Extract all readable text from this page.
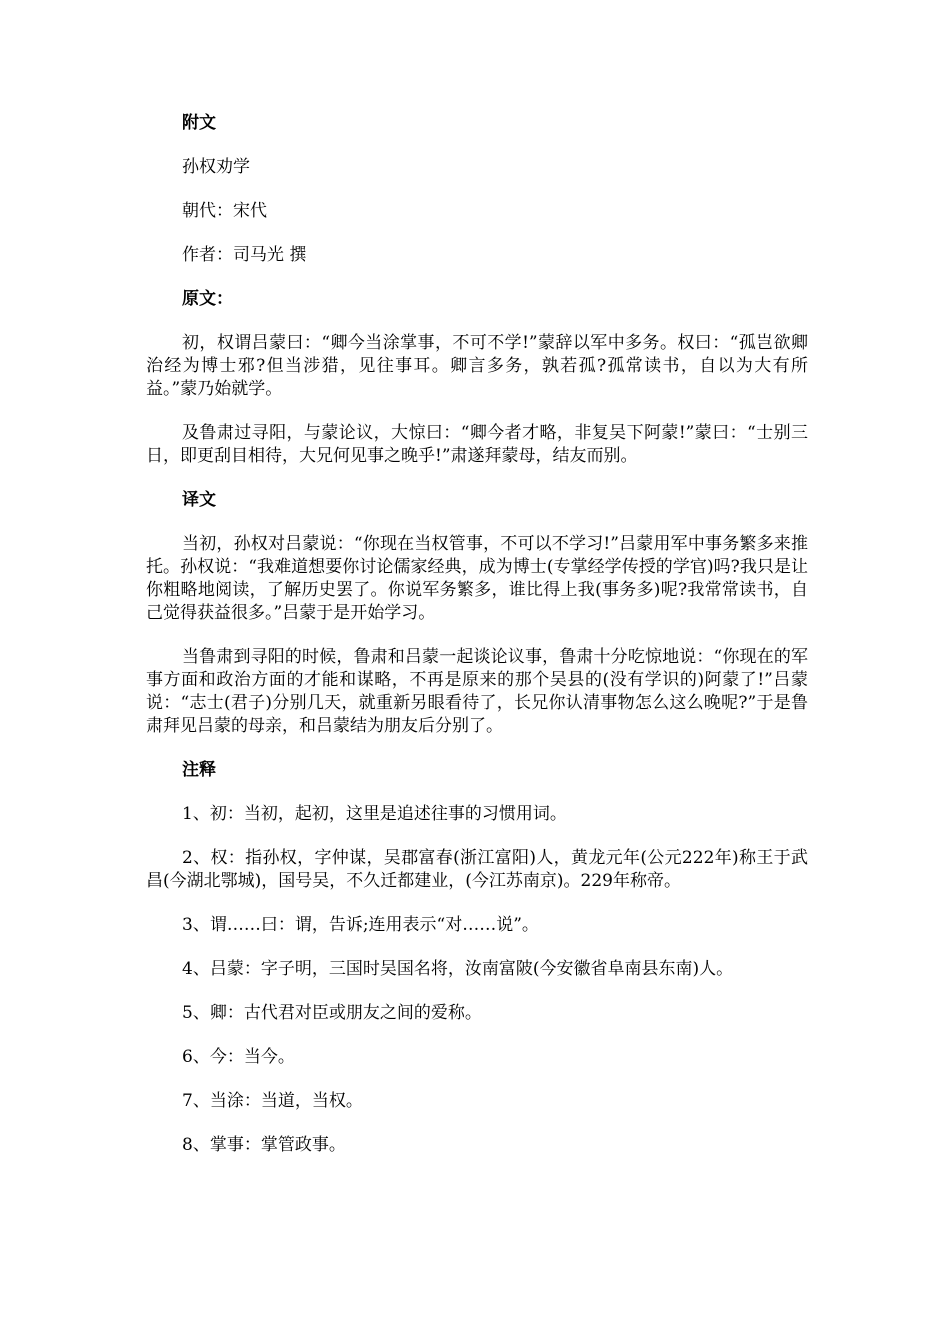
附文
孙权劝学
朝代：宋代
作者：司马光 撰
原文：

初，权谓吕蒙曰：“卿今当涂掌事，不可不学!”蒙辞以军中多务。权曰：“孤岂欲卿治经为博士邪?但当涉猎，见往事耳。卿言多务，孰若孤?孤常读书，自以为大有所益。”蒙乃始就学。

及鲁肃过寻阳，与蒙论议，大惊曰：“卿今者才略，非复吴下阿蒙!”蒙曰：“士别三日，即更刮目相待，大兄何见事之晚乎!”肃遂拜蒙母，结友而别。

译文

当初，孙权对吕蒙说：“你现在当权管事，不可以不学习!”吕蒙用军中事务繁多来推托。孙权说：“我难道想要你讨论儒家经典，成为博士(专掌经学传授的学官)吗?我只是让你粗略地阅读，了解历史罢了。你说军务繁多，谁比得上我(事务多)呢?我常常读书，自己觉得获益很多。”吕蒙于是开始学习。

当鲁肃到寻阳的时候，鲁肃和吕蒙一起谈论议事，鲁肃十分吃惊地说：“你现在的军事方面和政治方面的才能和谋略，不再是原来的那个吴县的(没有学识的)阿蒙了!”吕蒙说：“志士(君子)分别几天，就重新另眼看待了，长兄你认清事物怎么这么晚呢?”于是鲁肃拜见吕蒙的母亲，和吕蒙结为朋友后分别了。

注释

1、初：当初，起初，这里是追述往事的习惯用词。

2、权：指孙权，字仲谋，吴郡富春(浙江富阳)人，黄龙元年(公元222年)称王于武昌(今湖北鄂城)，国号吴，不久迁都建业，(今江苏南京)。229年称帝。

3、谓……曰：谓，告诉;连用表示“对……说”。

4、吕蒙：字子明，三国时吴国名将，汝南富陂(今安徽省阜南县东南)人。

5、卿：古代君对臣或朋友之间的爱称。

6、今：当今。

7、当涂：当道，当权。

8、掌事：掌管政事。
